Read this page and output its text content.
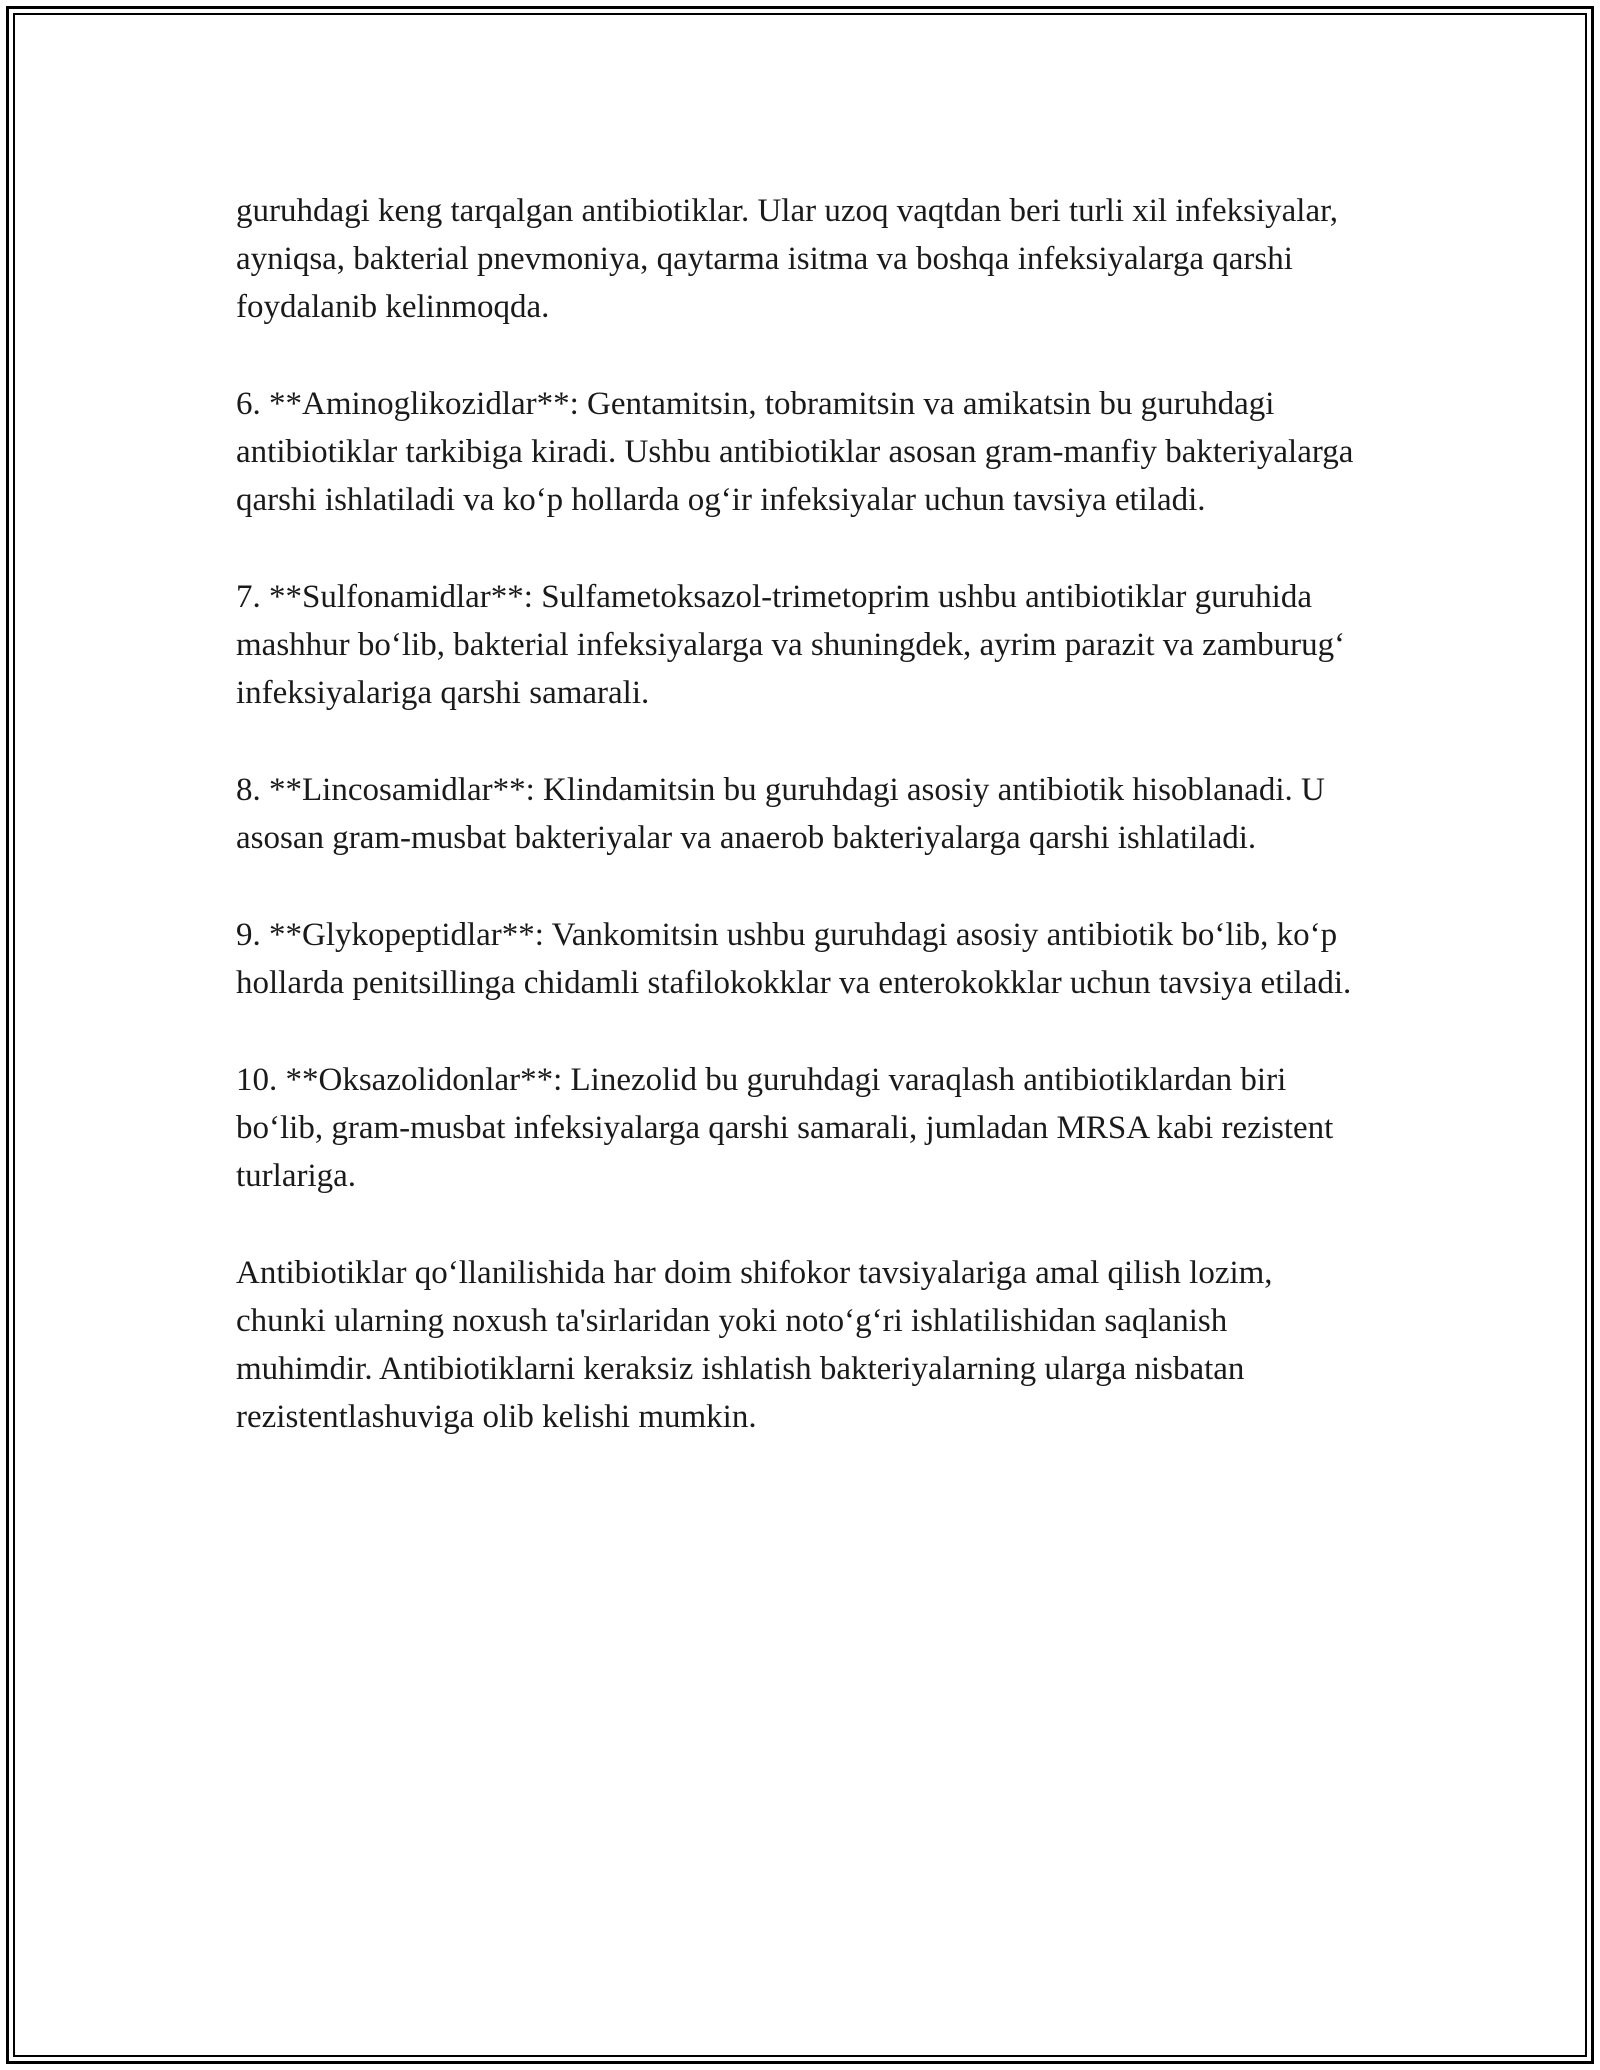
guruhdagi keng tarqalgan antibiotiklar. Ular uzoq vaqtdan beri turli xil infeksiyalar, ayniqsa, bakterial pnevmoniya, qaytarma isitma va boshqa infeksiyalarga qarshi foydalanib kelinmoqda.

6. **Aminoglikozidlar**: Gentamitsin, tobramitsin va amikatsin bu guruhdagi antibiotiklar tarkibiga kiradi. Ushbu antibiotiklar asosan gram-manfiy bakteriyalarga qarshi ishlatiladi va ko‘p hollarda og‘ir infeksiyalar uchun tavsiya etiladi.

7. **Sulfonamidlar**: Sulfametoksazol-trimetoprim ushbu antibiotiklar guruhida mashhur bo‘lib, bakterial infeksiyalarga va shuningdek, ayrim parazit va zamburug‘ infeksiyalariga qarshi samarali.

8. **Lincosamidlar**: Klindamitsin bu guruhdagi asosiy antibiotik hisoblanadi. U asosan gram-musbat bakteriyalar va anaerob bakteriyalarga qarshi ishlatiladi.

9. **Glykopeptidlar**: Vankomitsin ushbu guruhdagi asosiy antibiotik bo‘lib, ko‘p hollarda penitsillinga chidamli stafilokokklar va enterokokklar uchun tavsiya etiladi.

10. **Oksazolidonlar**: Linezolid bu guruhdagi varaqlash antibiotiklardan biri bo‘lib, gram-musbat infeksiyalarga qarshi samarali, jumladan MRSA kabi rezistent turlariga.

Antibiotiklar qo‘llanilishida har doim shifokor tavsiyalariga amal qilish lozim, chunki ularning noxush ta'sirlaridan yoki noto‘g‘ri ishlatilishidan saqlanish muhimdir. Antibiotiklarni keraksiz ishlatish bakteriyalarning ularga nisbatan rezistentlashuviga olib kelishi mumkin.
